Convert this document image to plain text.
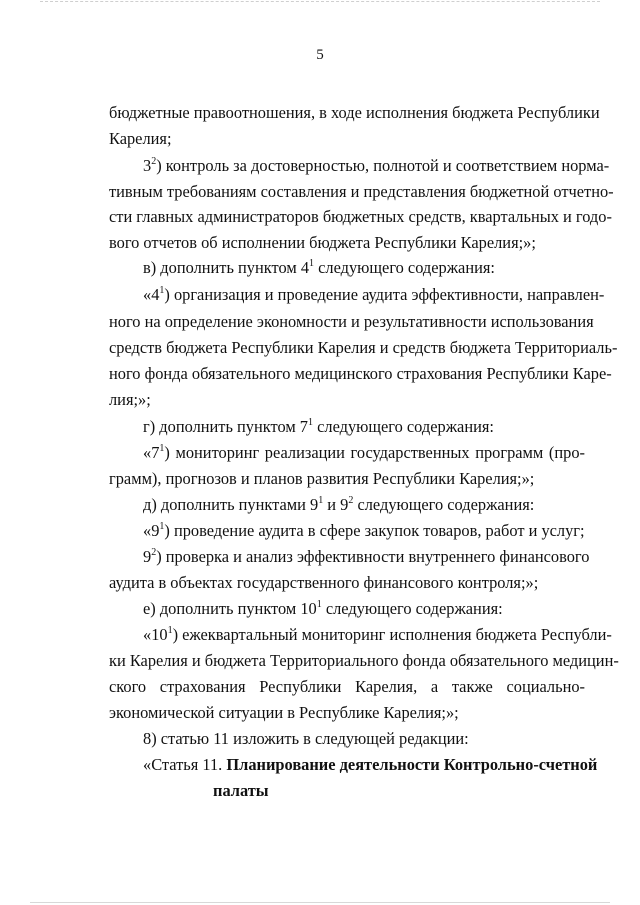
5
бюджетные правоотношения, в ходе исполнения бюджета Республики
Карелия;
$3^2$) контроль за достоверностью, полнотой и соответствием норма-
тивным требованиям составления и представления бюджетной отчетно-
сти главных администраторов бюджетных средств, квартальных и годо-
вого отчетов об исполнении бюджета Республики Карелия;»;
в) дополнить пунктом $4^1$ следующего содержания:
«$4^1$) организация и проведение аудита эффективности, направлен-
ного на определение экономности и результативности использования
средств бюджета Республики Карелия и средств бюджета Территориаль-
ного фонда обязательного медицинского страхования Республики Каре-
лия;»;
г) дополнить пунктом $7^1$ следующего содержания:
«$7^1$) мониторинг реализации государственных программ (про-
грамм), прогнозов и планов развития Республики Карелия;»;
д) дополнить пунктами $9^1$ и $9^2$ следующего содержания:
«$9^1$) проведение аудита в сфере закупок товаров, работ и услуг;
$9^2$) проверка и анализ эффективности внутреннего финансового
аудита в объектах государственного финансового контроля;»;
е) дополнить пунктом $10^1$ следующего содержания:
«$10^1$) ежеквартальный мониторинг исполнения бюджета Республи-
ки Карелия и бюджета Территориального фонда обязательного медицин-
ского страхования Республики Карелия, а также социально-
экономической ситуации в Республике Карелия;»;
8) статью 11 изложить в следующей редакции:
«Статья 11. Планирование деятельности Контрольно-счетной
палаты
